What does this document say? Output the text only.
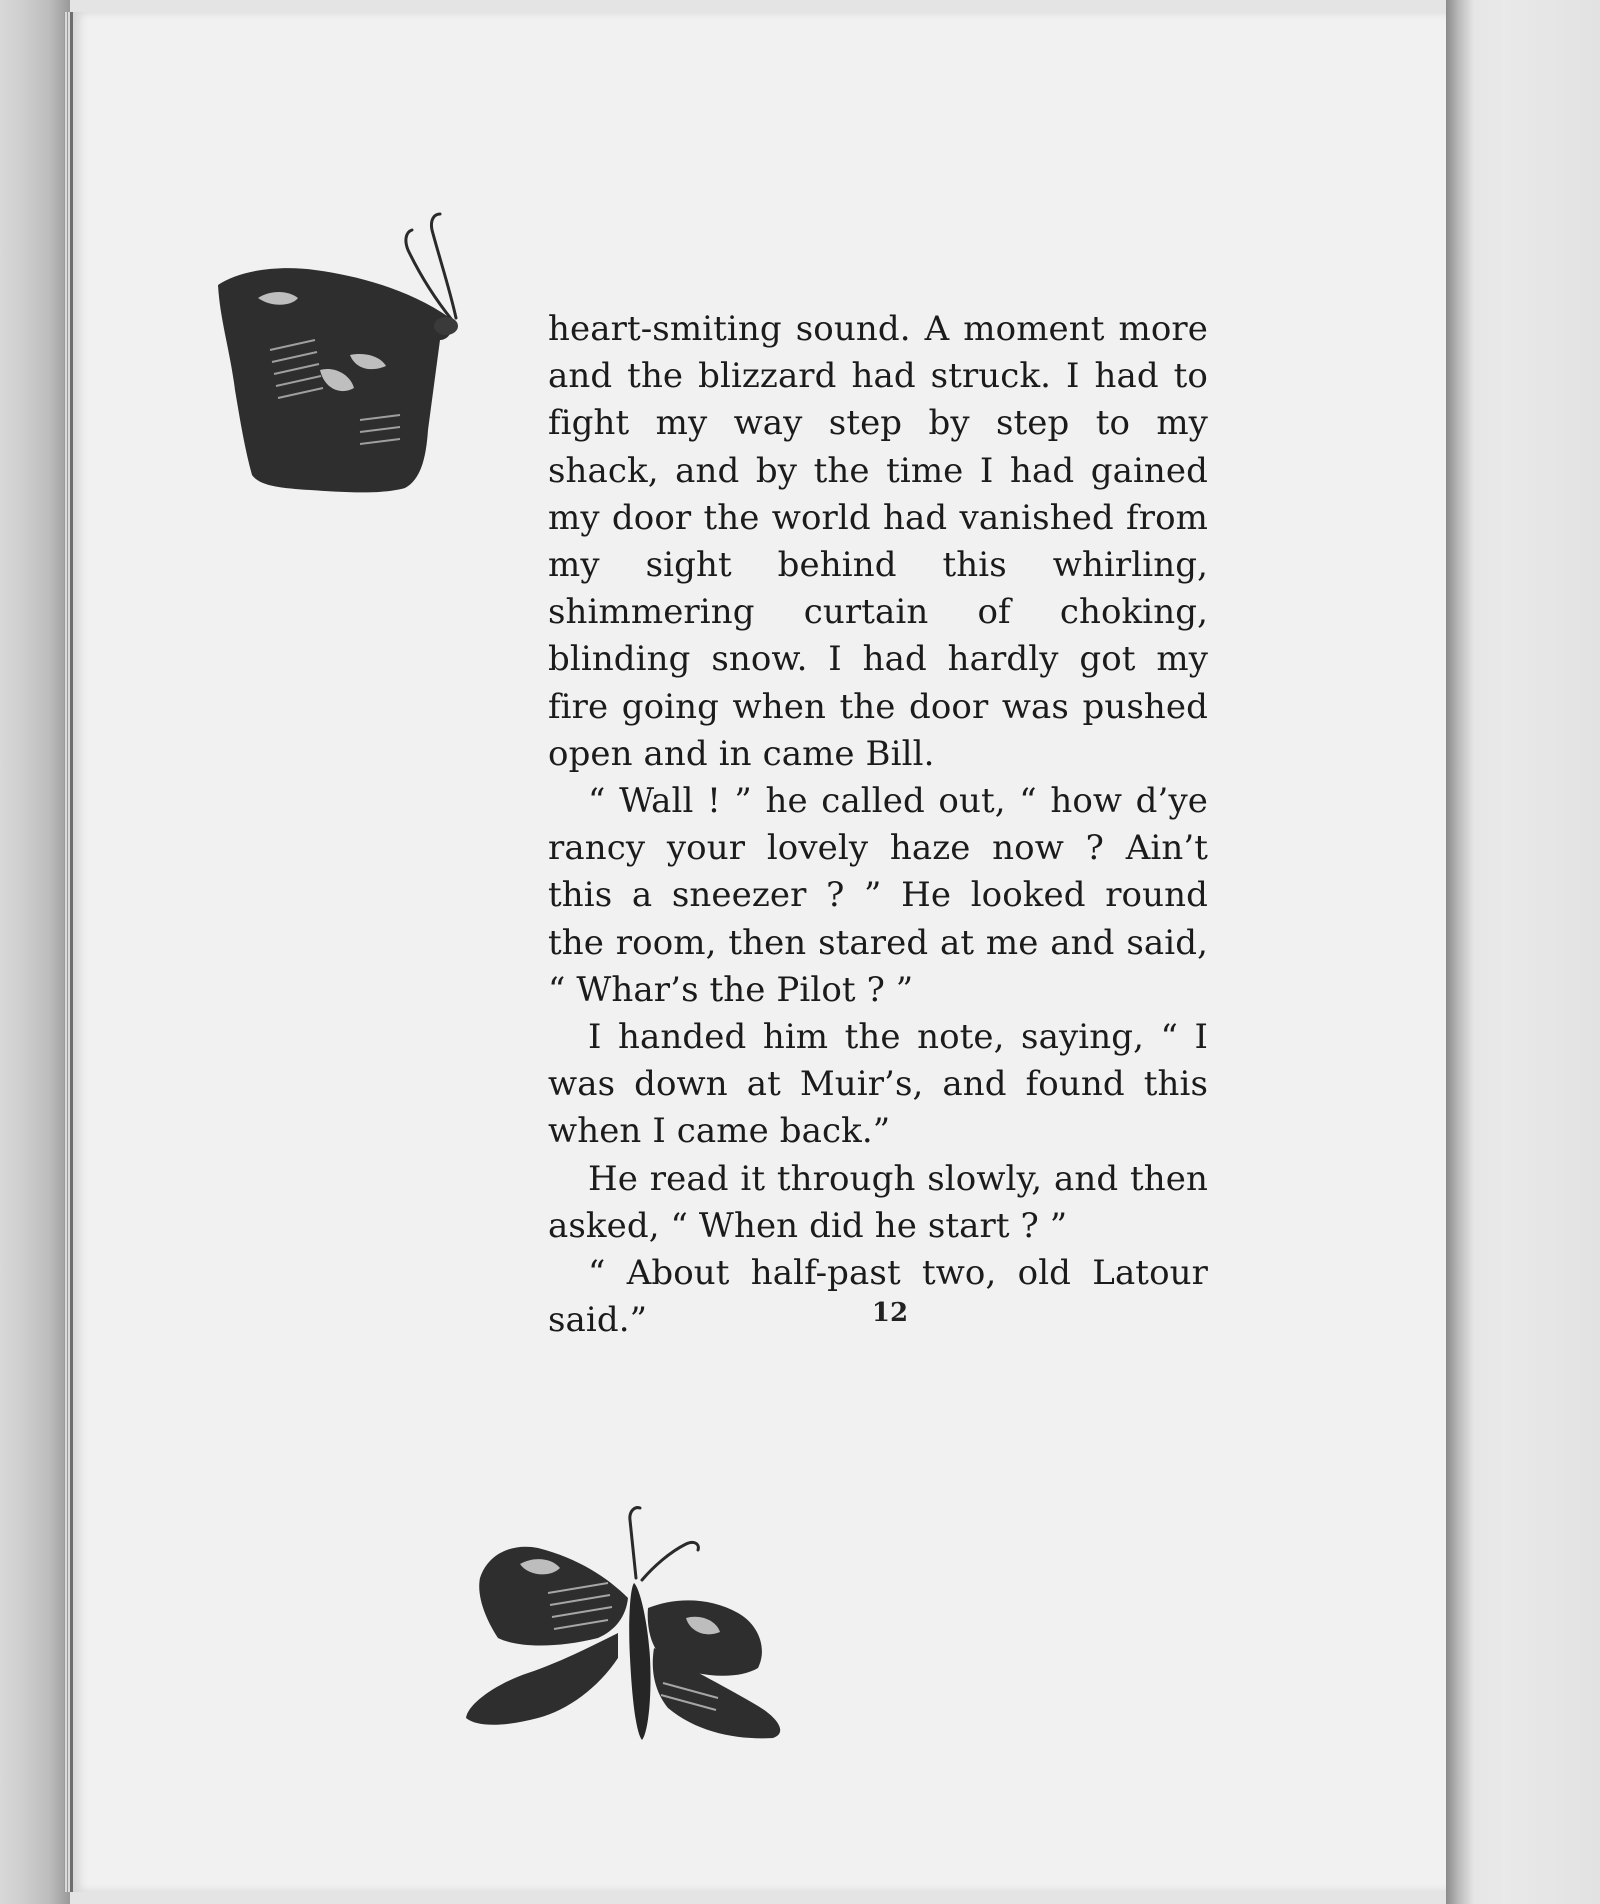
heart-smiting sound. A moment more and the blizzard had struck. I had to fight my way step by step to my shack, and by the time I had gained my door the world had vanished from my sight behind this whirling, shimmering curtain of choking, blinding snow. I had hardly got my fire going when the door was pushed open and in came Bill.

“ Wall ! ” he called out, “ how d’ye rancy your lovely haze now ? Ain’t this a sneezer ? ” He looked round the room, then stared at me and said, “ Whar’s the Pilot ? ”

I handed him the note, saying, “ I was down at Muir’s, and found this when I came back.”

He read it through slowly, and then asked, “ When did he start ? ”

“ About half-past two, old Latour said.”	12
